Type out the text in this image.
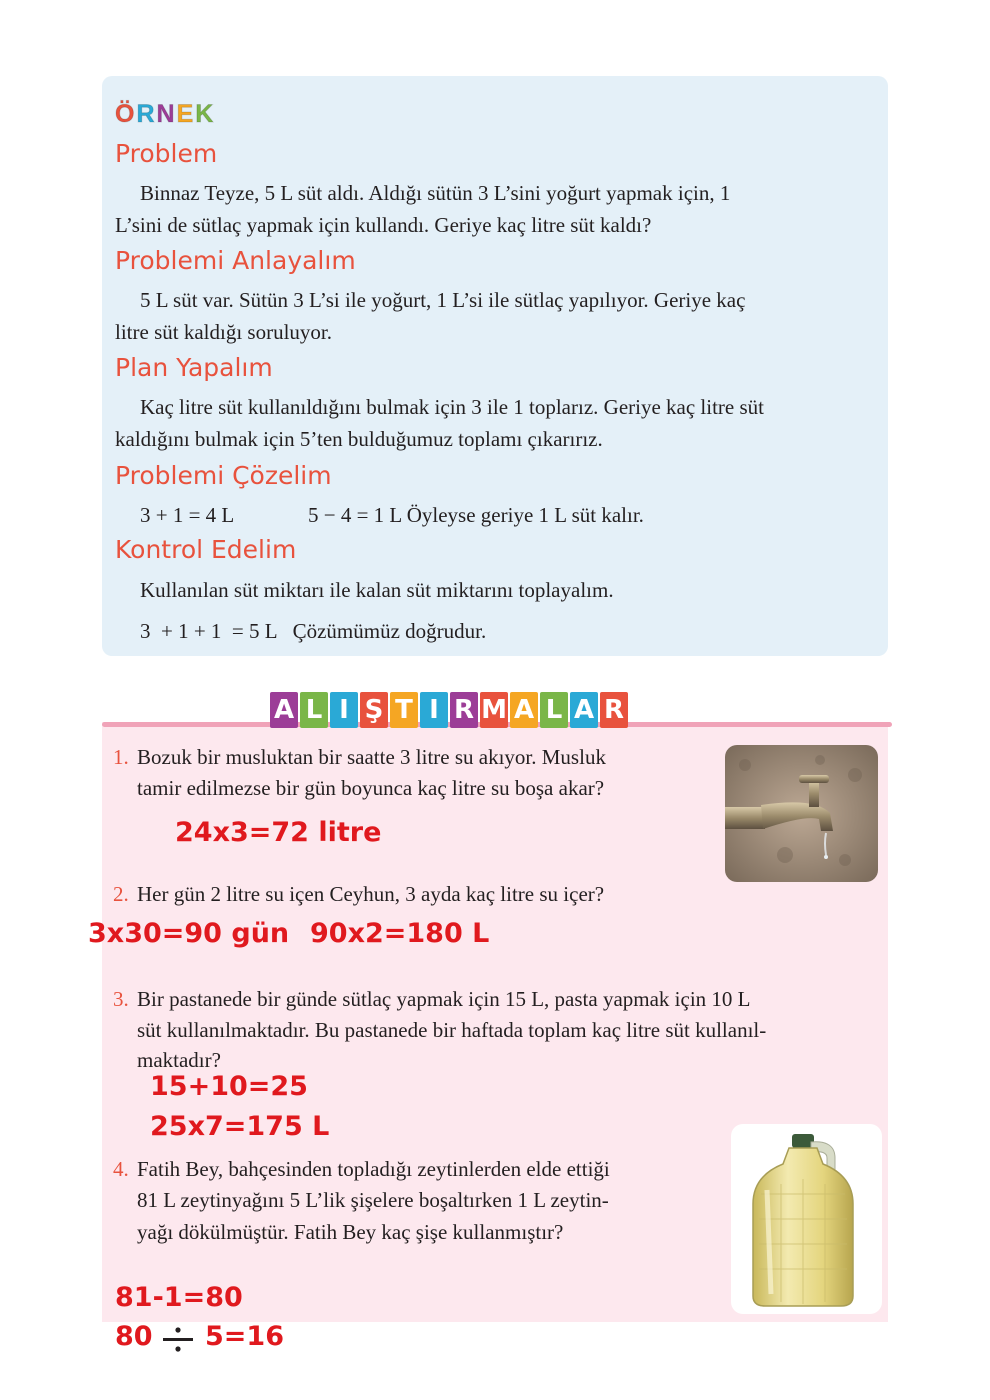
ÖRNEK
Problem
Binnaz Teyze, 5 L süt aldı. Aldığı sütün 3 L’sini yoğurt yapmak için, 1
L’sini de sütlaç yapmak için kullandı. Geriye kaç litre süt kaldı?
Problemi Anlayalım
5 L süt var. Sütün 3 L’si ile yoğurt, 1 L’si ile sütlaç yapılıyor. Geriye kaç
litre süt kaldığı soruluyor.
Plan Yapalım
Kaç litre süt kullanıldığını bulmak için 3 ile 1 toplarız. Geriye kaç litre süt
kaldığını bulmak için 5’ten bulduğumuz toplamı çıkarırız.
Problemi Çözelim
3 + 1 = 4 L	5 − 4 = 1 L Öyleyse geriye 1 L süt kalır.
Kontrol Edelim
Kullanılan süt miktarı ile kalan süt miktarını toplayalım.
3  + 1 + 1  = 5 L   Çözümümüz doğrudur.
A L I Ş T I R M A L A R
1. Bozuk bir musluktan bir saatte 3 litre su akıyor. Musluk
tamir edilmezse bir gün boyunca kaç litre su boşa akar?
24x3=72 litre
2. Her gün 2 litre su içen Ceyhun, 3 ayda kaç litre su içer?
3x30=90 gün 90x2=180 L
3. Bir pastanede bir günde sütlaç yapmak için 15 L, pasta yapmak için 10 L
süt kullanılmaktadır. Bu pastanede bir haftada toplam kaç litre süt kullanıl-
maktadır?
15+10=25
25x7=175 L
4. Fatih Bey, bahçesinden topladığı zeytinlerden elde ettiği
81 L zeytinyağını 5 L’lik şişelere boşaltırken 1 L zeytin-
yağı dökülmüştür. Fatih Bey kaç şişe kullanmıştır?
81-1=80
80 5=16
